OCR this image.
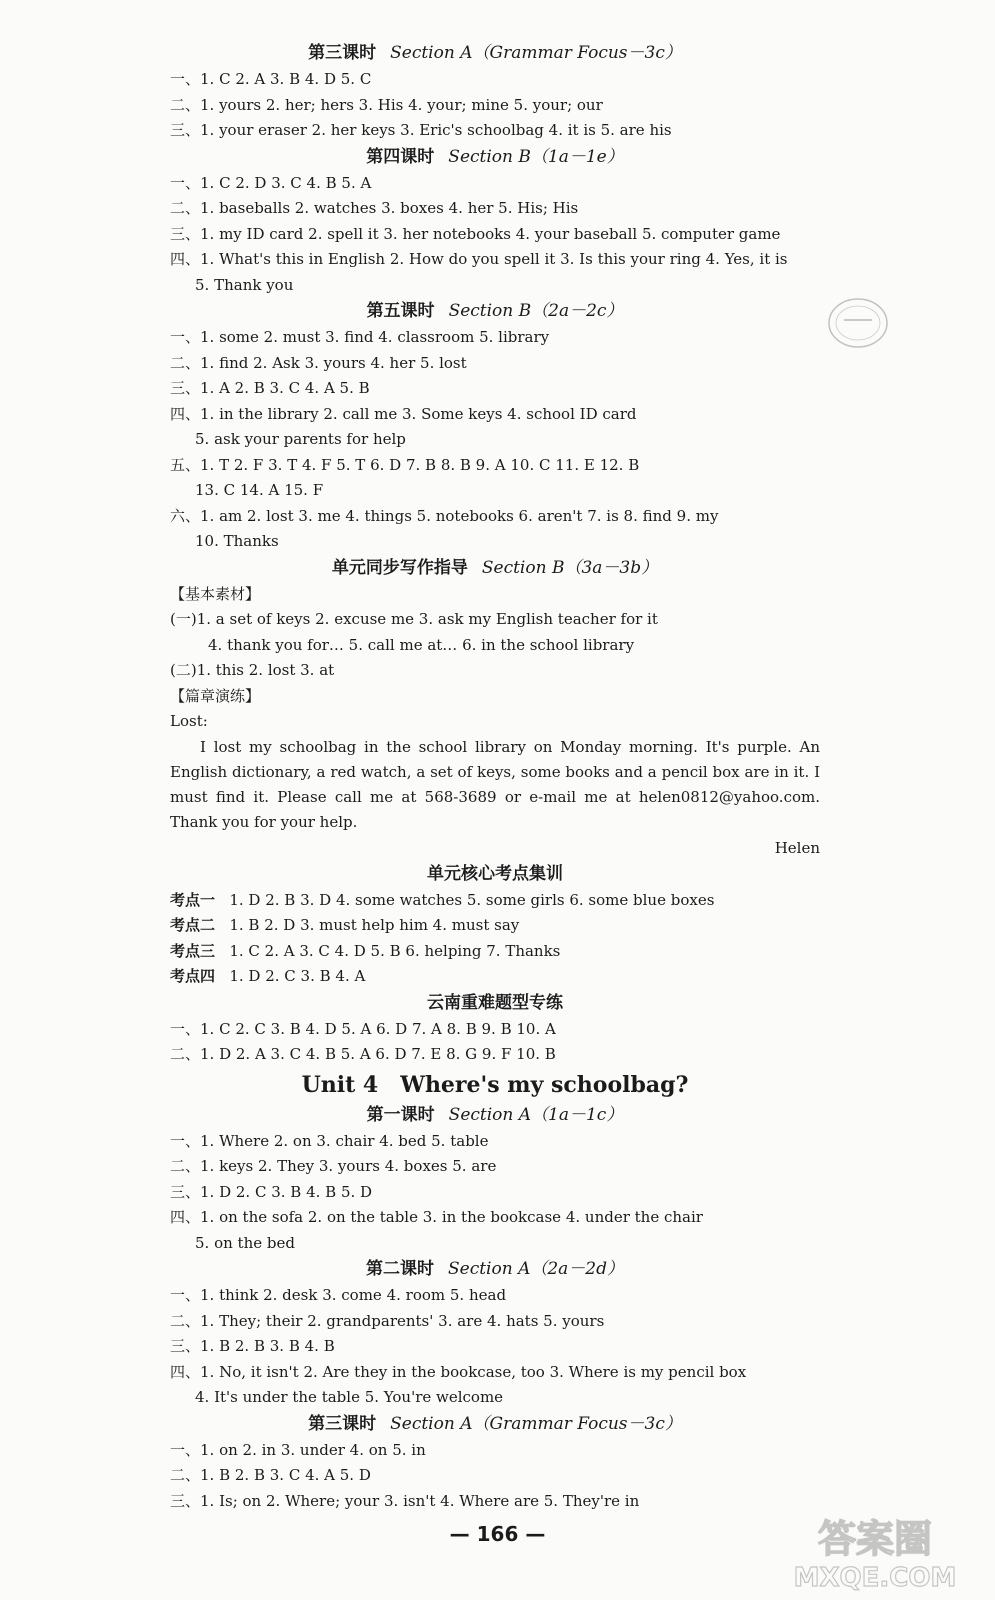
第三课时 Section A（Grammar Focus－3c）
一、1. C 2. A 3. B 4. D 5. C
二、1. yours 2. her; hers 3. His 4. your; mine 5. your; our
三、1. your eraser 2. her keys 3. Eric's schoolbag 4. it is 5. are his
第四课时 Section B（1a－1e）
一、1. C 2. D 3. C 4. B 5. A
二、1. baseballs 2. watches 3. boxes 4. her 5. His; His
三、1. my ID card 2. spell it 3. her notebooks 4. your baseball 5. computer game
四、1. What's this in English 2. How do you spell it 3. Is this your ring 4. Yes, it is
5. Thank you
第五课时 Section B（2a－2c）
一、1. some 2. must 3. find 4. classroom 5. library
二、1. find 2. Ask 3. yours 4. her 5. lost
三、1. A 2. B 3. C 4. A 5. B
四、1. in the library 2. call me 3. Some keys 4. school ID card
5. ask your parents for help
五、1. T 2. F 3. T 4. F 5. T 6. D 7. B 8. B 9. A 10. C 11. E 12. B
13. C 14. A 15. F
六、1. am 2. lost 3. me 4. things 5. notebooks 6. aren't 7. is 8. find 9. my
10. Thanks
单元同步写作指导 Section B（3a－3b）
【基本素材】
(一)1. a set of keys 2. excuse me 3. ask my English teacher for it
4. thank you for… 5. call me at… 6. in the school library
(二)1. this 2. lost 3. at
【篇章演练】
Lost:
I lost my schoolbag in the school library on Monday morning. It's purple. An English dictionary, a red watch, a set of keys, some books and a pencil box are in it. I must find it. Please call me at 568-3689 or e-mail me at helen0812@yahoo.com. Thank you for your help.
Helen
单元核心考点集训
考点一 1. D 2. B 3. D 4. some watches 5. some girls 6. some blue boxes
考点二 1. B 2. D 3. must help him 4. must say
考点三 1. C 2. A 3. C 4. D 5. B 6. helping 7. Thanks
考点四 1. D 2. C 3. B 4. A
云南重难题型专练
一、1. C 2. C 3. B 4. D 5. A 6. D 7. A 8. B 9. B 10. A
二、1. D 2. A 3. C 4. B 5. A 6. D 7. E 8. G 9. F 10. B
Unit 4 Where's my schoolbag?
第一课时 Section A（1a－1c）
一、1. Where 2. on 3. chair 4. bed 5. table
二、1. keys 2. They 3. yours 4. boxes 5. are
三、1. D 2. C 3. B 4. B 5. D
四、1. on the sofa 2. on the table 3. in the bookcase 4. under the chair
5. on the bed
第二课时 Section A（2a－2d）
一、1. think 2. desk 3. come 4. room 5. head
二、1. They; their 2. grandparents' 3. are 4. hats 5. yours
三、1. B 2. B 3. B 4. B
四、1. No, it isn't 2. Are they in the bookcase, too 3. Where is my pencil box
4. It's under the table 5. You're welcome
第三课时 Section A（Grammar Focus－3c）
一、1. on 2. in 3. under 4. on 5. in
二、1. B 2. B 3. C 4. A 5. D
三、1. Is; on 2. Where; your 3. isn't 4. Where are 5. They're in
— 166 —	答案圈
MXQE.COM
